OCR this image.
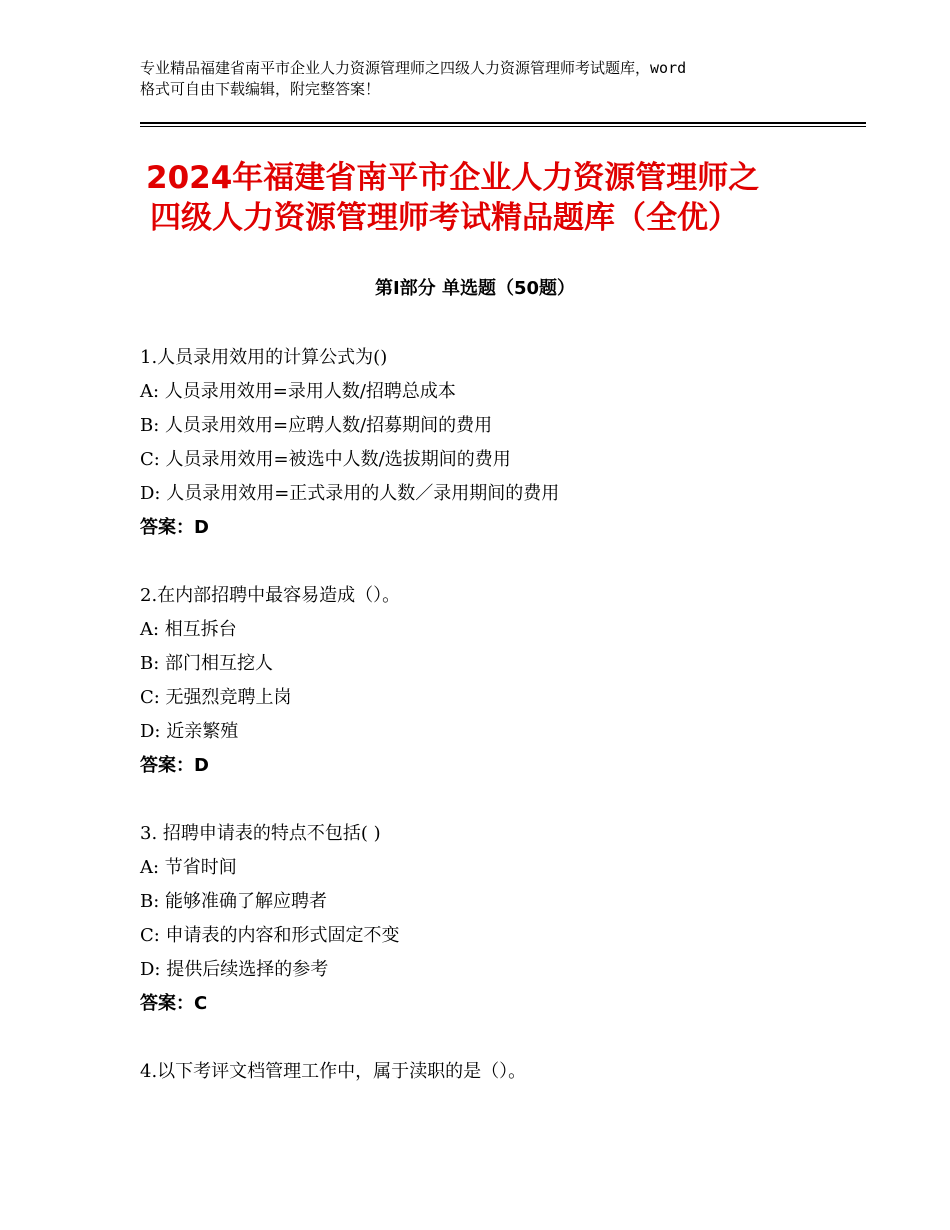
专业精品福建省南平市企业人力资源管理师之四级人力资源管理师考试题库，word
格式可自由下载编辑，附完整答案！
2024年福建省南平市企业人力资源管理师之
四级人力资源管理师考试精品题库（全优）
第Ⅰ部分 单选题（50题）
1.人员录用效用的计算公式为()
A: 人员录用效用=录用人数/招聘总成本
B: 人员录用效用=应聘人数/招募期间的费用
C: 人员录用效用=被选中人数/选拔期间的费用
D: 人员录用效用=正式录用的人数／录用期间的费用
答案：D
2.在内部招聘中最容易造成（）。
A: 相互拆台
B: 部门相互挖人
C: 无强烈竞聘上岗
D: 近亲繁殖
答案：D
3. 招聘申请表的特点不包括( )
A: 节省时间
B: 能够准确了解应聘者
C: 申请表的内容和形式固定不变
D: 提供后续选择的参考
答案：C
4.以下考评文档管理工作中，属于渎职的是（）。
